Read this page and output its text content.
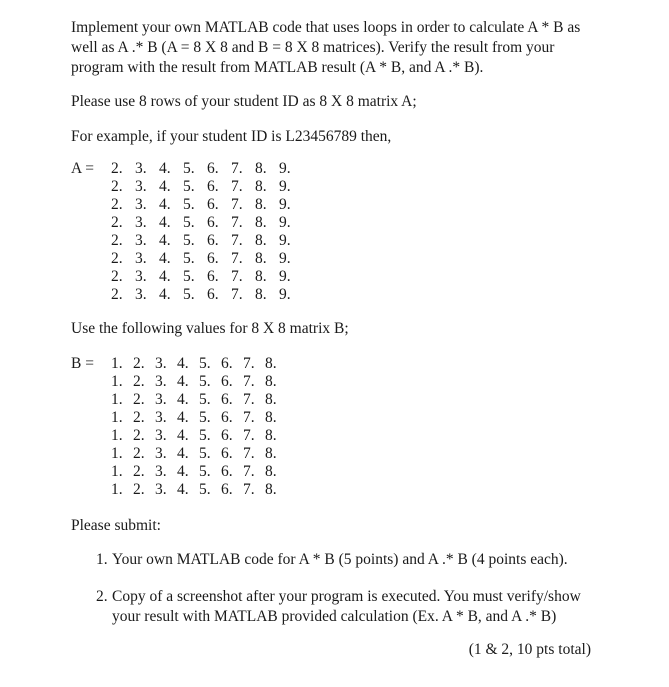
Implement your own MATLAB code that uses loops in order to calculate A * B as
well as A .* B (A = 8 X 8 and B = 8 X 8 matrices). Verify the result from your
program with the result from MATLAB result (A * B, and A .* B).

Please use 8 rows of your student ID as 8 X 8 matrix A;

For example, if your student ID is L23456789 then,

A =	2. 3. 4. 5. 6. 7. 8. 9.
2. 3. 4. 5. 6. 7. 8. 9.
2. 3. 4. 5. 6. 7. 8. 9.
2. 3. 4. 5. 6. 7. 8. 9.
2. 3. 4. 5. 6. 7. 8. 9.
2. 3. 4. 5. 6. 7. 8. 9.
2. 3. 4. 5. 6. 7. 8. 9.
2. 3. 4. 5. 6. 7. 8. 9.

Use the following values for 8 X 8 matrix B;

B =	1. 2. 3. 4. 5. 6. 7. 8.
1. 2. 3. 4. 5. 6. 7. 8.
1. 2. 3. 4. 5. 6. 7. 8.
1. 2. 3. 4. 5. 6. 7. 8.
1. 2. 3. 4. 5. 6. 7. 8.
1. 2. 3. 4. 5. 6. 7. 8.
1. 2. 3. 4. 5. 6. 7. 8.
1. 2. 3. 4. 5. 6. 7. 8.

Please submit:

1. Your own MATLAB code for A * B (5 points) and A .* B (4 points each).
2. Copy of a screenshot after your program is executed. You must verify/show
your result with MATLAB provided calculation (Ex. A * B, and A .* B)
(1 & 2, 10 pts total)
